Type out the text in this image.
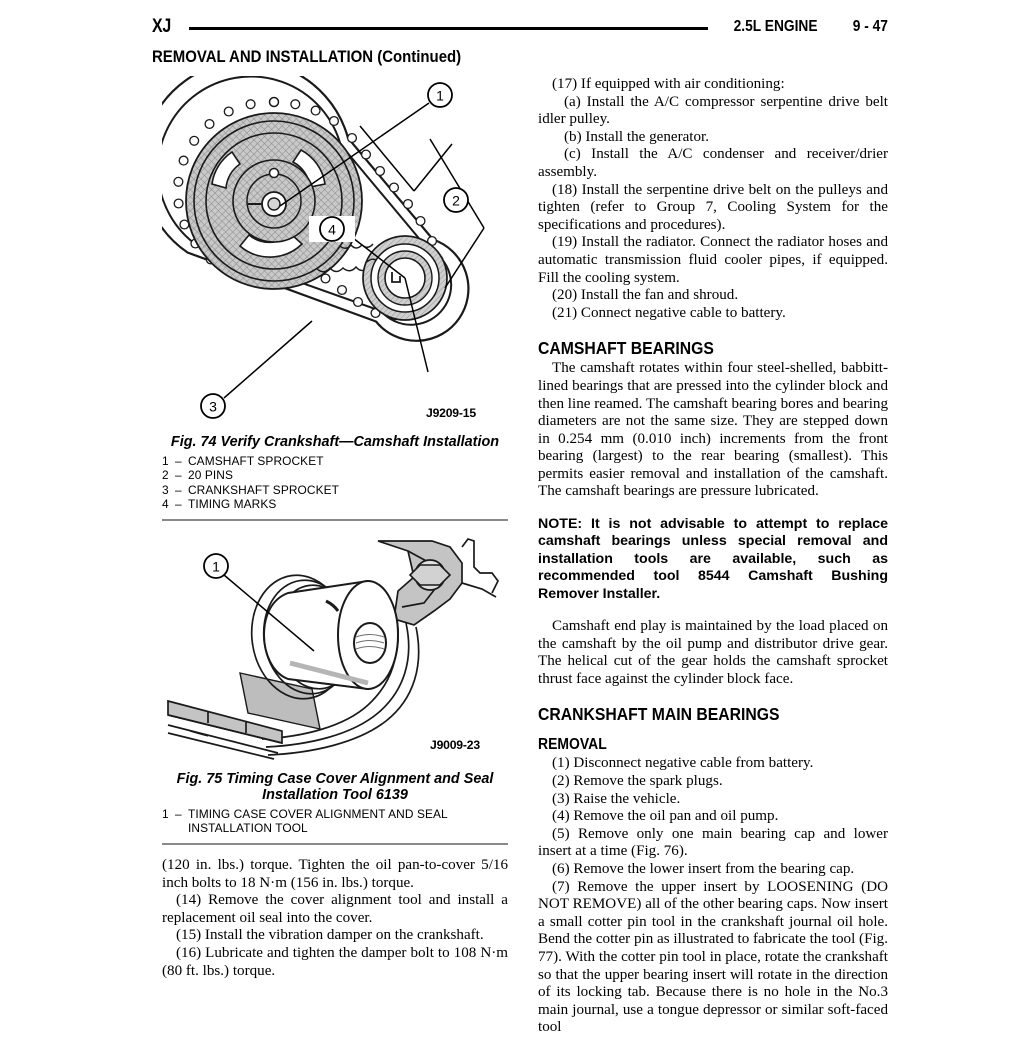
XJ	2.5L ENGINE 9 - 47
REMOVAL AND INSTALLATION (Continued)
1
2
3
4
J9209-15
Fig. 74 Verify Crankshaft—Camshaft Installation
1 – CAMSHAFT SPROCKET
2 – 20 PINS
3 – CRANKSHAFT SPROCKET
4 – TIMING MARKS
1
J9009-23
Fig. 75 Timing Case Cover Alignment and Seal
Installation Tool 6139
1 – TIMING CASE COVER ALIGNMENT AND SEAL INSTALLATION TOOL

(120 in. lbs.) torque. Tighten the oil pan-to-cover 5/16 inch bolts to 18 N·m (156 in. lbs.) torque.

(14) Remove the cover alignment tool and install a replacement oil seal into the cover.

(15) Install the vibration damper on the crankshaft.

(16) Lubricate and tighten the damper bolt to 108 N·m (80 ft. lbs.) torque.

(17) If equipped with air conditioning:

(a) Install the A/C compressor serpentine drive belt idler pulley.

(b) Install the generator.

(c) Install the A/C condenser and receiver/drier assembly.

(18) Install the serpentine drive belt on the pulleys and tighten (refer to Group 7, Cooling System for the specifications and procedures).

(19) Install the radiator. Connect the radiator hoses and automatic transmission fluid cooler pipes, if equipped. Fill the cooling system.

(20) Install the fan and shroud.

(21) Connect negative cable to battery.

CAMSHAFT BEARINGS

The camshaft rotates within four steel-shelled, babbitt-lined bearings that are pressed into the cylinder block and then line reamed. The camshaft bearing bores and bearing diameters are not the same size. They are stepped down in 0.254 mm (0.010 inch) increments from the front bearing (largest) to the rear bearing (smallest). This permits easier removal and installation of the camshaft. The camshaft bearings are pressure lubricated.

NOTE: It is not advisable to attempt to replace camshaft bearings unless special removal and installation tools are available, such as recommended tool 8544 Camshaft Bushing Remover Installer.

Camshaft end play is maintained by the load placed on the camshaft by the oil pump and distributor drive gear. The helical cut of the gear holds the camshaft sprocket thrust face against the cylinder block face.

CRANKSHAFT MAIN BEARINGS
REMOVAL

(1) Disconnect negative cable from battery.

(2) Remove the spark plugs.

(3) Raise the vehicle.

(4) Remove the oil pan and oil pump.

(5) Remove only one main bearing cap and lower insert at a time (Fig. 76).

(6) Remove the lower insert from the bearing cap.

(7) Remove the upper insert by LOOSENING (DO NOT REMOVE) all of the other bearing caps. Now insert a small cotter pin tool in the crankshaft journal oil hole. Bend the cotter pin as illustrated to fabricate the tool (Fig. 77). With the cotter pin tool in place, rotate the crankshaft so that the upper bearing insert will rotate in the direction of its locking tab. Because there is no hole in the No.3 main journal, use a tongue depressor or similar soft-faced tool
